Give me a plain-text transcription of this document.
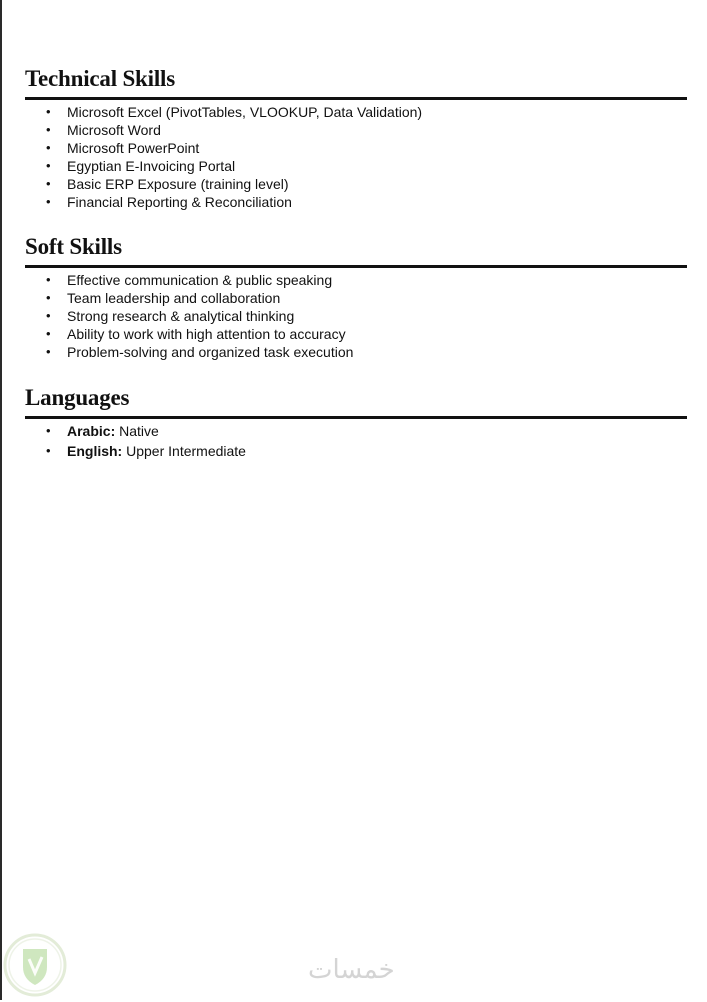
Technical Skills
• Microsoft Excel (PivotTables, VLOOKUP, Data Validation)
• Microsoft Word
• Microsoft PowerPoint
• Egyptian E-Invoicing Portal
• Basic ERP Exposure (training level)
• Financial Reporting & Reconciliation
Soft Skills
• Effective communication & public speaking
• Team leadership and collaboration
• Strong research & analytical thinking
• Ability to work with high attention to accuracy
• Problem-solving and organized task execution
Languages
• Arabic: Native
• English: Upper Intermediate
خمسات
